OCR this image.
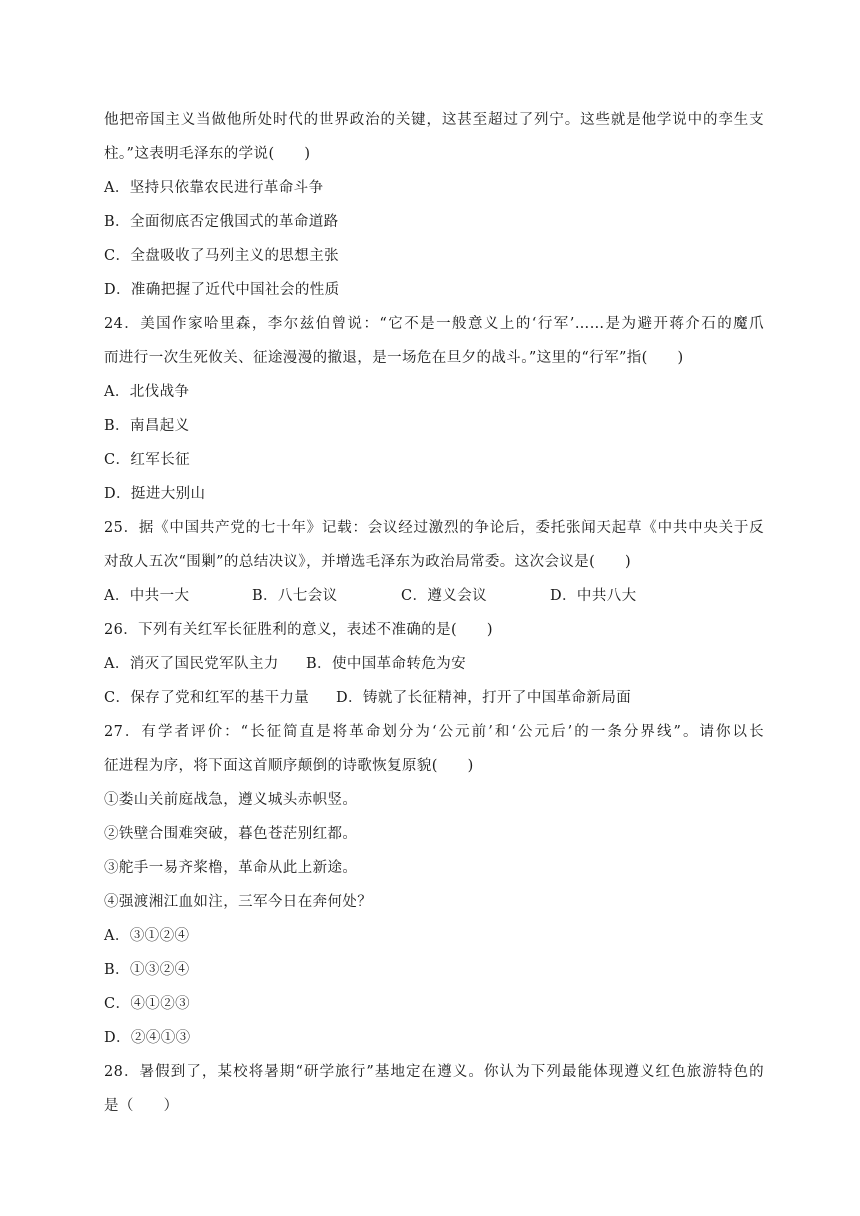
他把帝国主义当做他所处时代的世界政治的关键，这甚至超过了列宁。这些就是他学说中的孪生支
柱。”这表明毛泽东的学说(　　)
A．坚持只依靠农民进行革命斗争
B．全面彻底否定俄国式的革命道路
C．全盘吸收了马列主义的思想主张
D．准确把握了近代中国社会的性质
24．美国作家哈里森，李尔兹伯曾说：“它不是一般意义上的‘行军’……是为避开蒋介石的魔爪
而进行一次生死攸关、征途漫漫的撤退，是一场危在旦夕的战斗。”这里的“行军”指(　　)
A．北伐战争
B．南昌起义
C．红军长征
D．挺进大别山
25．据《中国共产党的七十年》记载：会议经过激烈的争论后，委托张闻天起草《中共中央关于反
对敌人五次“围剿”的总结决议》，并增选毛泽东为政治局常委。这次会议是(　　)
A．中共一大	B．八七会议	C．遵义会议	D．中共八大
26．下列有关红军长征胜利的意义，表述不准确的是(　　)
A．消灭了国民党军队主力 B．使中国革命转危为安
C．保存了党和红军的基干力量 D．铸就了长征精神，打开了中国革命新局面
27．有学者评价：“长征简直是将革命划分为‘公元前’和‘公元后’的一条分界线”。请你以长
征进程为序，将下面这首顺序颠倒的诗歌恢复原貌(　　)
①娄山关前庭战急，遵义城头赤帜竖。
②铁壁合围难突破，暮色苍茫别红都。
③舵手一易齐桨橹，革命从此上新途。
④强渡湘江血如注，三军今日在奔何处？
A．③①②④
B．①③②④
C．④①②③
D．②④①③
28．暑假到了，某校将暑期“研学旅行”基地定在遵义。你认为下列最能体现遵义红色旅游特色的
是（　　）
